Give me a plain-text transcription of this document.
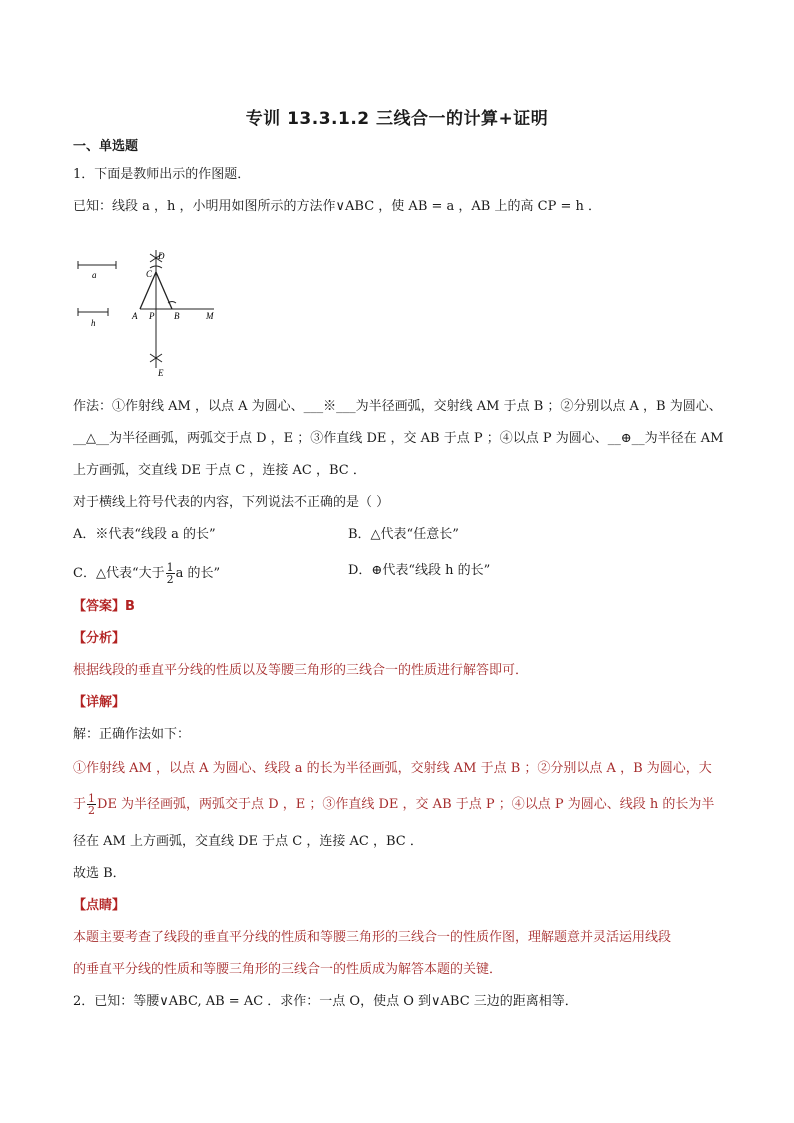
专训 13.3.1.2 三线合一的计算+证明
一、单选题
1．下面是教师出示的作图题．
已知：线段 a ，h ，小明用如图所示的方法作∨ABC ，使 AB = a ，AB 上的高 CP = h ．
a
h
D
C
A P B	M
E
作法：①作射线 AM ，以点 A 为圆心、___※___为半径画弧，交射线 AM 于点 B ；②分别以点 A ，B 为圆心、
__△__为半径画弧，两弧交于点 D ，E ；③作直线 DE ，交 AB 于点 P ；④以点 P 为圆心、__⊕__为半径在 AM
上方画弧，交直线 DE 于点 C ，连接 AC ，BC ．
对于横线上符号代表的内容，下列说法不正确的是（ ）
A．※代表“线段 a 的长”	B．△代表“任意长”
C．△代表“大于 $\frac{1}{2}$ a 的长”	D．⊕代表“线段 h 的长”
【答案】B
【分析】
根据线段的垂直平分线的性质以及等腰三角形的三线合一的性质进行解答即可．
【详解】
解：正确作法如下：
①作射线 AM ，以点 A 为圆心、线段 a 的长为半径画弧，交射线 AM 于点 B ；②分别以点 A ，B 为圆心，大
于 $\frac{1}{2}$ DE 为半径画弧，两弧交于点 D ，E ；③作直线 DE ，交 AB 于点 P ；④以点 P 为圆心、线段 h 的长为半
径在 AM 上方画弧，交直线 DE 于点 C ，连接 AC ，BC ．
故选 B．
【点睛】
本题主要考查了线段的垂直平分线的性质和等腰三角形的三线合一的性质作图，理解题意并灵活运用线段
的垂直平分线的性质和等腰三角形的三线合一的性质成为解答本题的关键．
2．已知：等腰∨ABC, AB = AC ．求作：一点 O，使点 O 到∨ABC 三边的距离相等．
